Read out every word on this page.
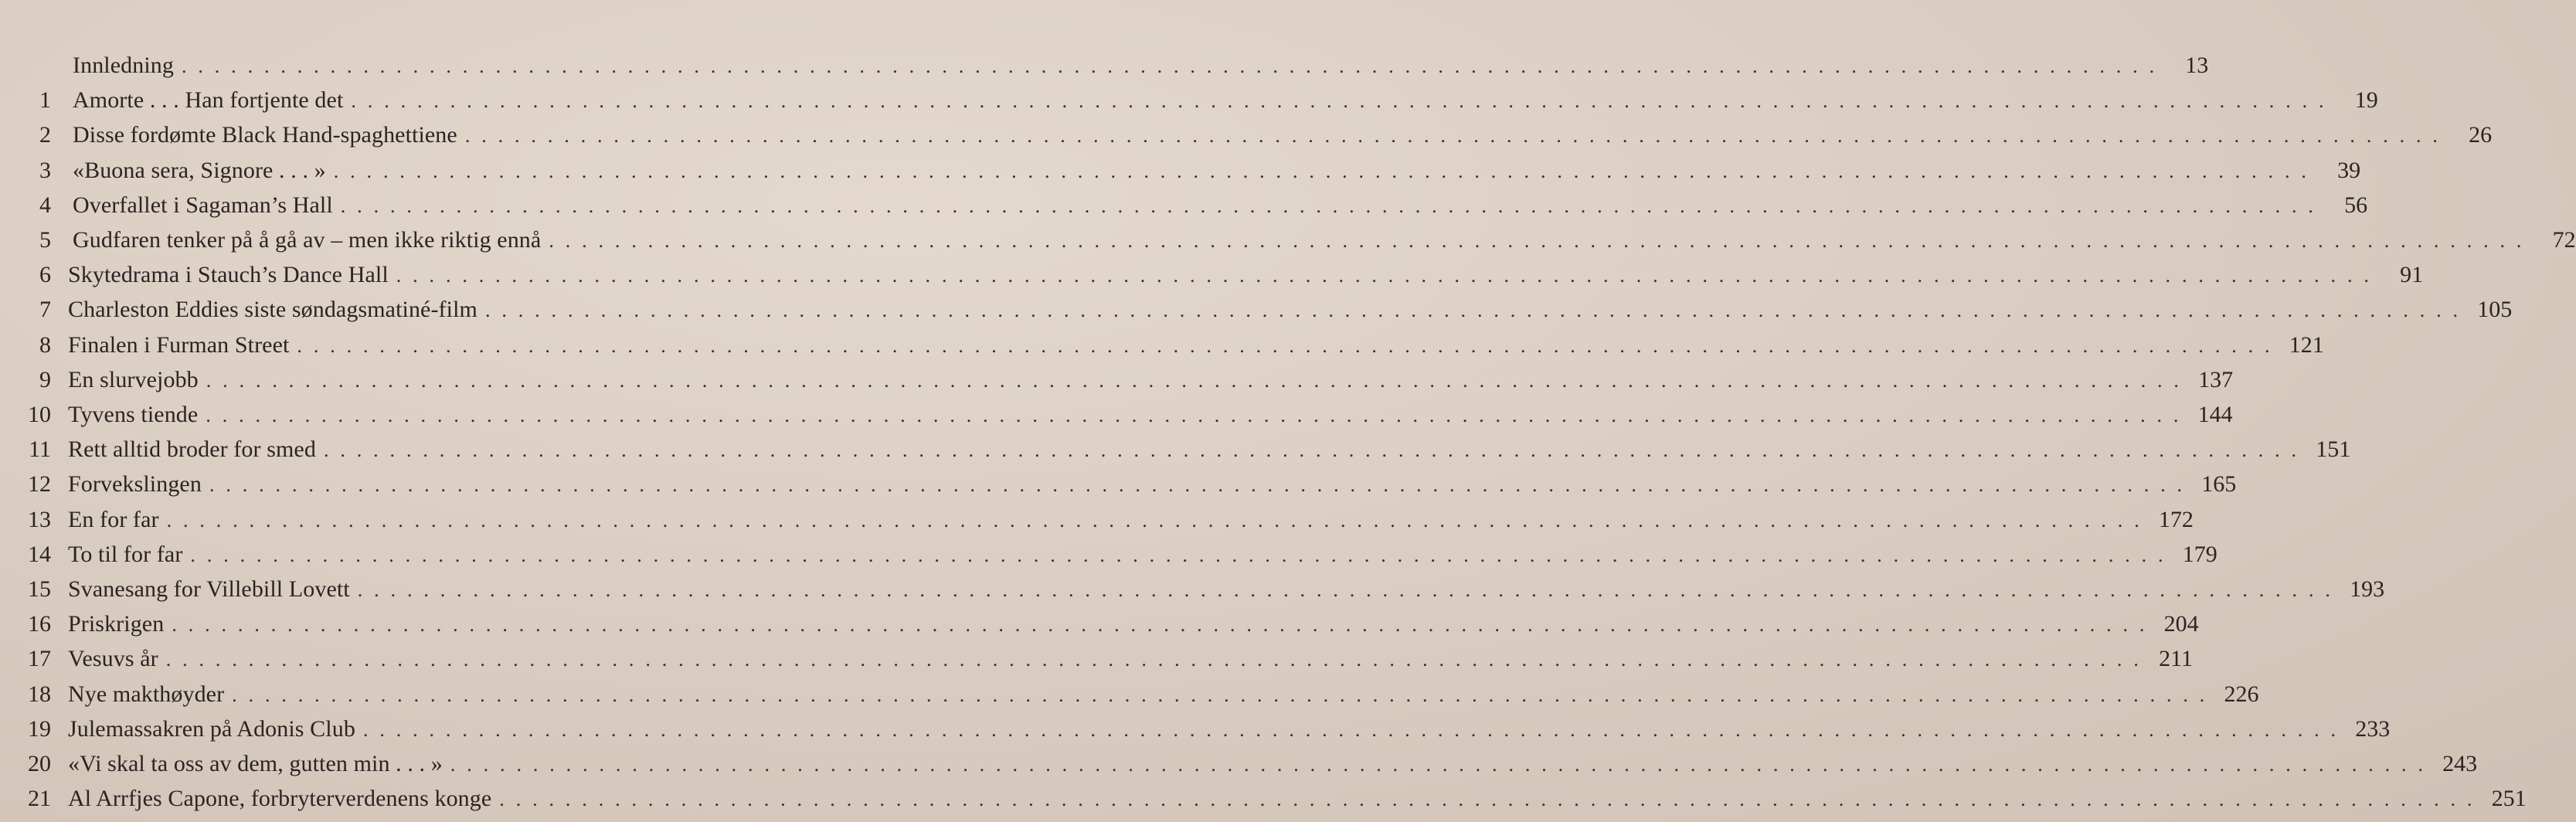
Innledning . . . . . . . . . . . . . . . . . . . . . . . . . . . . . . . . . . . . . . . . . . . . . . . . . . . . . . . . . . . . . . . . . . . . . . . . . . . . . . . . . . . . . . . . . . . . . . . . . . . . . . . . . . . . . . . . . . . . . . . .	13
1 Amorte . . . Han fortjente det . . . . . . . . . . . . . . . . . . . . . . . . . . . . . . . . . . . . . . . . . . . . . . . . . . . . . . . . . . . . . . . . . . . . . . . . . . . . . . . . . . . . . . . . . . . . . . . . . . . . . . . . . . . . . . . . . . . . . . . .	19
2 Disse fordømte Black Hand-spaghettiene . . . . . . . . . . . . . . . . . . . . . . . . . . . . . . . . . . . . . . . . . . . . . . . . . . . . . . . . . . . . . . . . . . . . . . . . . . . . . . . . . . . . . . . . . . . . . . . . . . . . . . . . . . . . . . . . . . . . . . . .	26
3 «Buona sera, Signore . . . » . . . . . . . . . . . . . . . . . . . . . . . . . . . . . . . . . . . . . . . . . . . . . . . . . . . . . . . . . . . . . . . . . . . . . . . . . . . . . . . . . . . . . . . . . . . . . . . . . . . . . . . . . . . . . . . . . . . . . . . .	39
4 Overfallet i Sagaman’s Hall . . . . . . . . . . . . . . . . . . . . . . . . . . . . . . . . . . . . . . . . . . . . . . . . . . . . . . . . . . . . . . . . . . . . . . . . . . . . . . . . . . . . . . . . . . . . . . . . . . . . . . . . . . . . . . . . . . . . . . . .	56
5 Gudfaren tenker på å gå av – men ikke riktig ennå . . . . . . . . . . . . . . . . . . . . . . . . . . . . . . . . . . . . . . . . . . . . . . . . . . . . . . . . . . . . . . . . . . . . . . . . . . . . . . . . . . . . . . . . . . . . . . . . . . . . . . . . . . . . . . . . . . . . . . . .	72
6 Skytedrama i Stauch’s Dance Hall . . . . . . . . . . . . . . . . . . . . . . . . . . . . . . . . . . . . . . . . . . . . . . . . . . . . . . . . . . . . . . . . . . . . . . . . . . . . . . . . . . . . . . . . . . . . . . . . . . . . . . . . . . . . . . . . . . . . . . . .	91
7 Charleston Eddies siste søndagsmatiné-film . . . . . . . . . . . . . . . . . . . . . . . . . . . . . . . . . . . . . . . . . . . . . . . . . . . . . . . . . . . . . . . . . . . . . . . . . . . . . . . . . . . . . . . . . . . . . . . . . . . . . . . . . . . . . . . . . . . . . . . . 105
8 Finalen i Furman Street . . . . . . . . . . . . . . . . . . . . . . . . . . . . . . . . . . . . . . . . . . . . . . . . . . . . . . . . . . . . . . . . . . . . . . . . . . . . . . . . . . . . . . . . . . . . . . . . . . . . . . . . . . . . . . . . . . . . . . . . 121
9 En slurvejobb . . . . . . . . . . . . . . . . . . . . . . . . . . . . . . . . . . . . . . . . . . . . . . . . . . . . . . . . . . . . . . . . . . . . . . . . . . . . . . . . . . . . . . . . . . . . . . . . . . . . . . . . . . . . . . . . . . . . . . . . 137
10 Tyvens tiende . . . . . . . . . . . . . . . . . . . . . . . . . . . . . . . . . . . . . . . . . . . . . . . . . . . . . . . . . . . . . . . . . . . . . . . . . . . . . . . . . . . . . . . . . . . . . . . . . . . . . . . . . . . . . . . . . . . . . . . . 144
11 Rett alltid broder for smed . . . . . . . . . . . . . . . . . . . . . . . . . . . . . . . . . . . . . . . . . . . . . . . . . . . . . . . . . . . . . . . . . . . . . . . . . . . . . . . . . . . . . . . . . . . . . . . . . . . . . . . . . . . . . . . . . . . . . . . . 151
12 Forvekslingen . . . . . . . . . . . . . . . . . . . . . . . . . . . . . . . . . . . . . . . . . . . . . . . . . . . . . . . . . . . . . . . . . . . . . . . . . . . . . . . . . . . . . . . . . . . . . . . . . . . . . . . . . . . . . . . . . . . . . . . . 165
13 En for far . . . . . . . . . . . . . . . . . . . . . . . . . . . . . . . . . . . . . . . . . . . . . . . . . . . . . . . . . . . . . . . . . . . . . . . . . . . . . . . . . . . . . . . . . . . . . . . . . . . . . . . . . . . . . . . . . . . . . . . . 172
14 To til for far . . . . . . . . . . . . . . . . . . . . . . . . . . . . . . . . . . . . . . . . . . . . . . . . . . . . . . . . . . . . . . . . . . . . . . . . . . . . . . . . . . . . . . . . . . . . . . . . . . . . . . . . . . . . . . . . . . . . . . . . 179
15 Svanesang for Villebill Lovett . . . . . . . . . . . . . . . . . . . . . . . . . . . . . . . . . . . . . . . . . . . . . . . . . . . . . . . . . . . . . . . . . . . . . . . . . . . . . . . . . . . . . . . . . . . . . . . . . . . . . . . . . . . . . . . . . . . . . . . . 193
16 Priskrigen . . . . . . . . . . . . . . . . . . . . . . . . . . . . . . . . . . . . . . . . . . . . . . . . . . . . . . . . . . . . . . . . . . . . . . . . . . . . . . . . . . . . . . . . . . . . . . . . . . . . . . . . . . . . . . . . . . . . . . . . 204
17 Vesuvs år . . . . . . . . . . . . . . . . . . . . . . . . . . . . . . . . . . . . . . . . . . . . . . . . . . . . . . . . . . . . . . . . . . . . . . . . . . . . . . . . . . . . . . . . . . . . . . . . . . . . . . . . . . . . . . . . . . . . . . . . 211
18 Nye makthøyder . . . . . . . . . . . . . . . . . . . . . . . . . . . . . . . . . . . . . . . . . . . . . . . . . . . . . . . . . . . . . . . . . . . . . . . . . . . . . . . . . . . . . . . . . . . . . . . . . . . . . . . . . . . . . . . . . . . . . . . . 226
19 Julemassakren på Adonis Club . . . . . . . . . . . . . . . . . . . . . . . . . . . . . . . . . . . . . . . . . . . . . . . . . . . . . . . . . . . . . . . . . . . . . . . . . . . . . . . . . . . . . . . . . . . . . . . . . . . . . . . . . . . . . . . . . . . . . . . . 233
20 «Vi skal ta oss av dem, gutten min . . . » . . . . . . . . . . . . . . . . . . . . . . . . . . . . . . . . . . . . . . . . . . . . . . . . . . . . . . . . . . . . . . . . . . . . . . . . . . . . . . . . . . . . . . . . . . . . . . . . . . . . . . . . . . . . . . . . . . . . . . . . 243
21 Al Arrfjes Capone, forbryterverdenens konge . . . . . . . . . . . . . . . . . . . . . . . . . . . . . . . . . . . . . . . . . . . . . . . . . . . . . . . . . . . . . . . . . . . . . . . . . . . . . . . . . . . . . . . . . . . . . . . . . . . . . . . . . . . . . . . . . . . . . . . . 251
